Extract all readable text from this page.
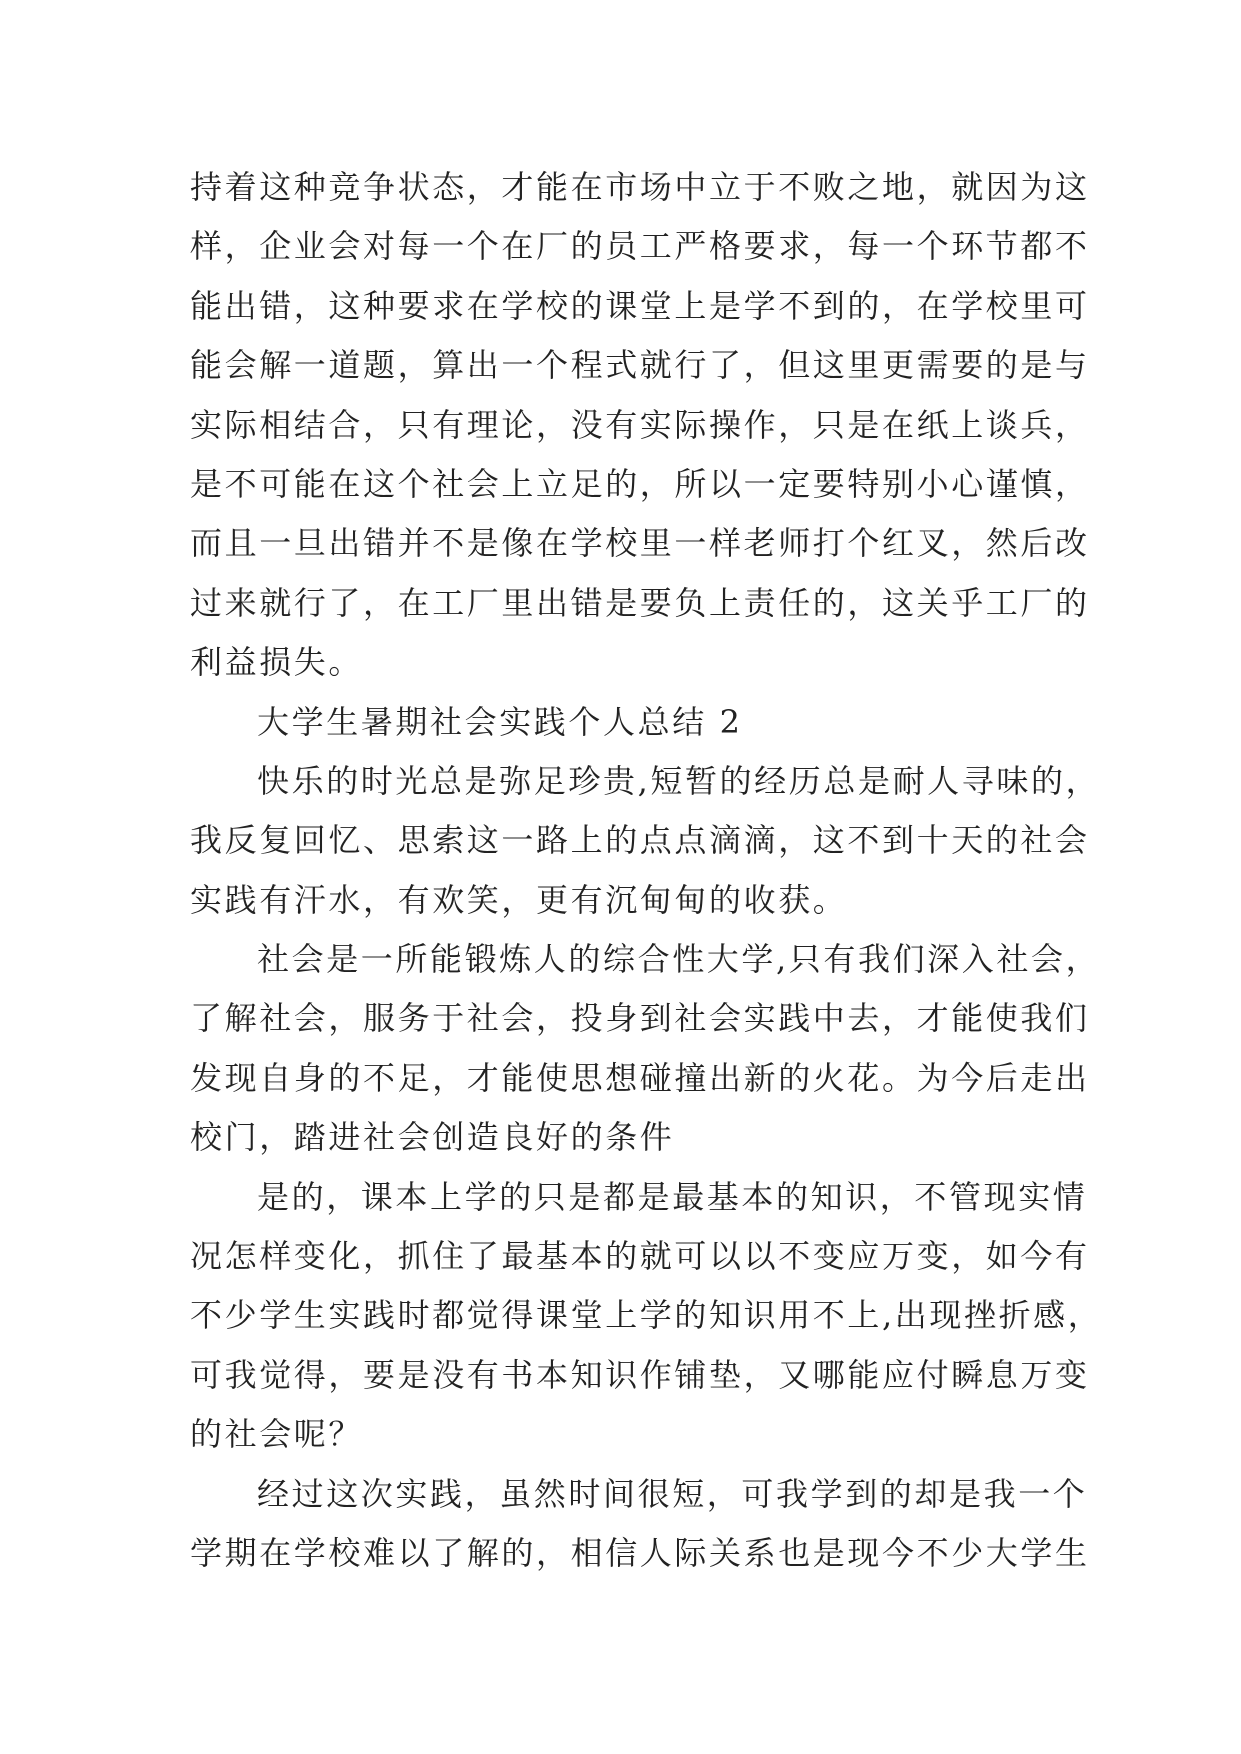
持着这种竞争状态，才能在市场中立于不败之地，就因为这
样，企业会对每一个在厂的员工严格要求，每一个环节都不
能出错，这种要求在学校的课堂上是学不到的，在学校里可
能会解一道题，算出一个程式就行了，但这里更需要的是与
实际相结合，只有理论，没有实际操作，只是在纸上谈兵，
是不可能在这个社会上立足的，所以一定要特别小心谨慎，
而且一旦出错并不是像在学校里一样老师打个红叉，然后改
过来就行了，在工厂里出错是要负上责任的，这关乎工厂的
利益损失。
大学生暑期社会实践个人总结 2
快乐的时光总是弥足珍贵,短暂的经历总是耐人寻味的，
我反复回忆、思索这一路上的点点滴滴，这不到十天的社会
实践有汗水，有欢笑，更有沉甸甸的收获。
社会是一所能锻炼人的综合性大学,只有我们深入社会，
了解社会，服务于社会，投身到社会实践中去，才能使我们
发现自身的不足，才能使思想碰撞出新的火花。为今后走出
校门，踏进社会创造良好的条件
是的，课本上学的只是都是最基本的知识，不管现实情
况怎样变化，抓住了最基本的就可以以不变应万变，如今有
不少学生实践时都觉得课堂上学的知识用不上,出现挫折感，
可我觉得，要是没有书本知识作铺垫，又哪能应付瞬息万变
的社会呢？
经过这次实践，虽然时间很短，可我学到的却是我一个
学期在学校难以了解的，相信人际关系也是现今不少大学生
